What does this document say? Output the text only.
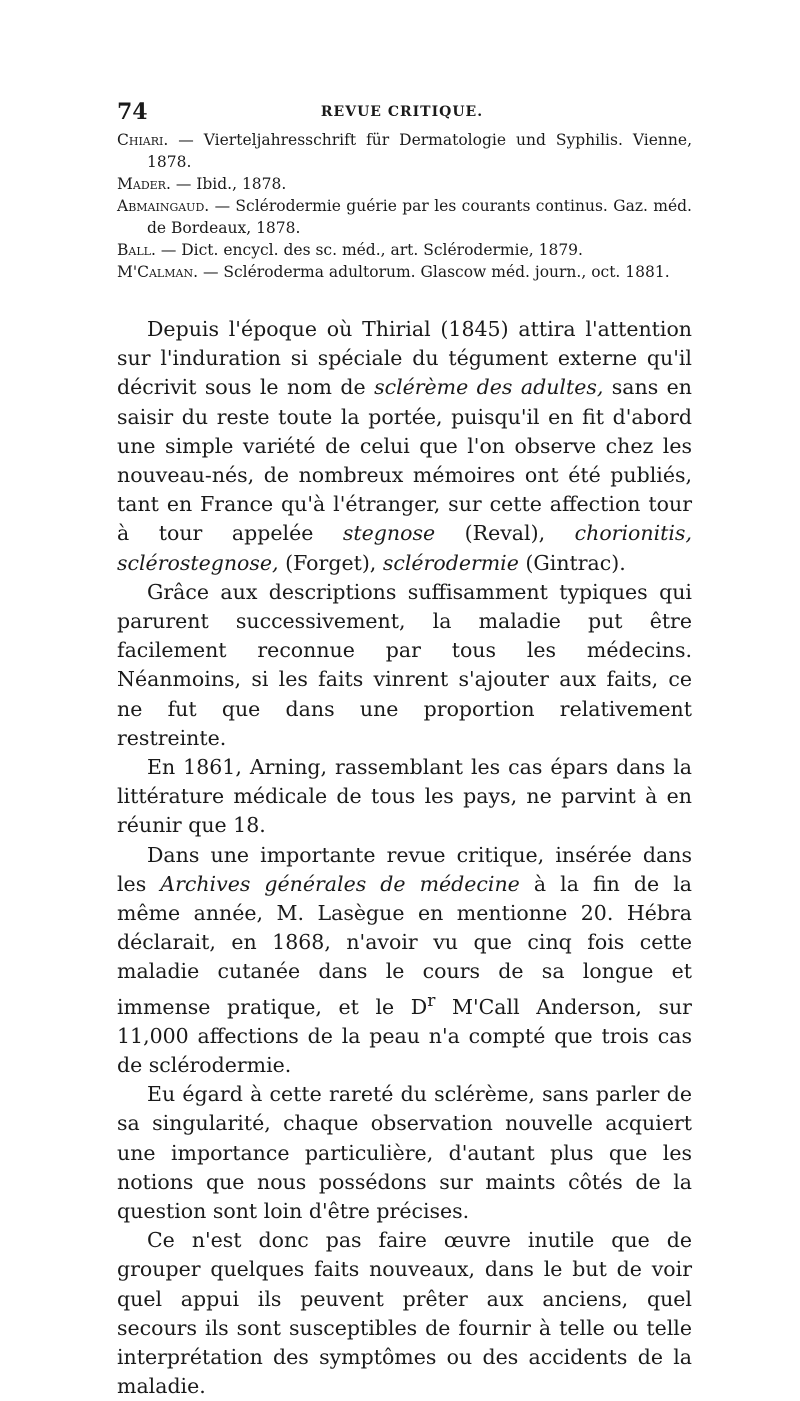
74	REVUE CRITIQUE.
Chiari. — Vierteljahresschrift für Dermatologie und Syphilis. Vienne, 1878.
Mader. — Ibid., 1878.
Abmaingaud. — Sclérodermie guérie par les courants continus. Gaz. méd. de Bordeaux, 1878.
Ball. — Dict. encycl. des sc. méd., art. Sclérodermie, 1879.
M'Calman. — Scléroderma adultorum. Glascow méd. journ., oct. 1881.

Depuis l'époque où Thirial (1845) attira l'attention sur l'induration si spéciale du tégument externe qu'il décrivit sous le nom de sclérème des adultes, sans en saisir du reste toute la portée, puisqu'il en fit d'abord une simple variété de celui que l'on observe chez les nouveau-nés, de nombreux mémoires ont été publiés, tant en France qu'à l'étranger, sur cette affection tour à tour appelée stegnose (Reval), chorionitis, sclérostegnose, (Forget), sclérodermie (Gintrac).

Grâce aux descriptions suffisamment typiques qui parurent successivement, la maladie put être facilement reconnue par tous les médecins. Néanmoins, si les faits vinrent s'ajouter aux faits, ce ne fut que dans une proportion relativement restreinte.

En 1861, Arning, rassemblant les cas épars dans la littérature médicale de tous les pays, ne parvint à en réunir que 18.

Dans une importante revue critique, insérée dans les Archives générales de médecine à la fin de la même année, M. Lasègue en mentionne 20. Hébra déclarait, en 1868, n'avoir vu que cinq fois cette maladie cutanée dans le cours de sa longue et immense pratique, et le $D^r$ M'Call Anderson, sur 11,000 affections de la peau n'a compté que trois cas de sclérodermie.

Eu égard à cette rareté du sclérème, sans parler de sa singularité, chaque observation nouvelle acquiert une importance particulière, d'autant plus que les notions que nous possédons sur maints côtés de la question sont loin d'être précises.

Ce n'est donc pas faire œuvre inutile que de grouper quelques faits nouveaux, dans le but de voir quel appui ils peuvent prêter aux anciens, quel secours ils sont susceptibles de fournir à telle ou telle interprétation des symptômes ou des accidents de la maladie.
